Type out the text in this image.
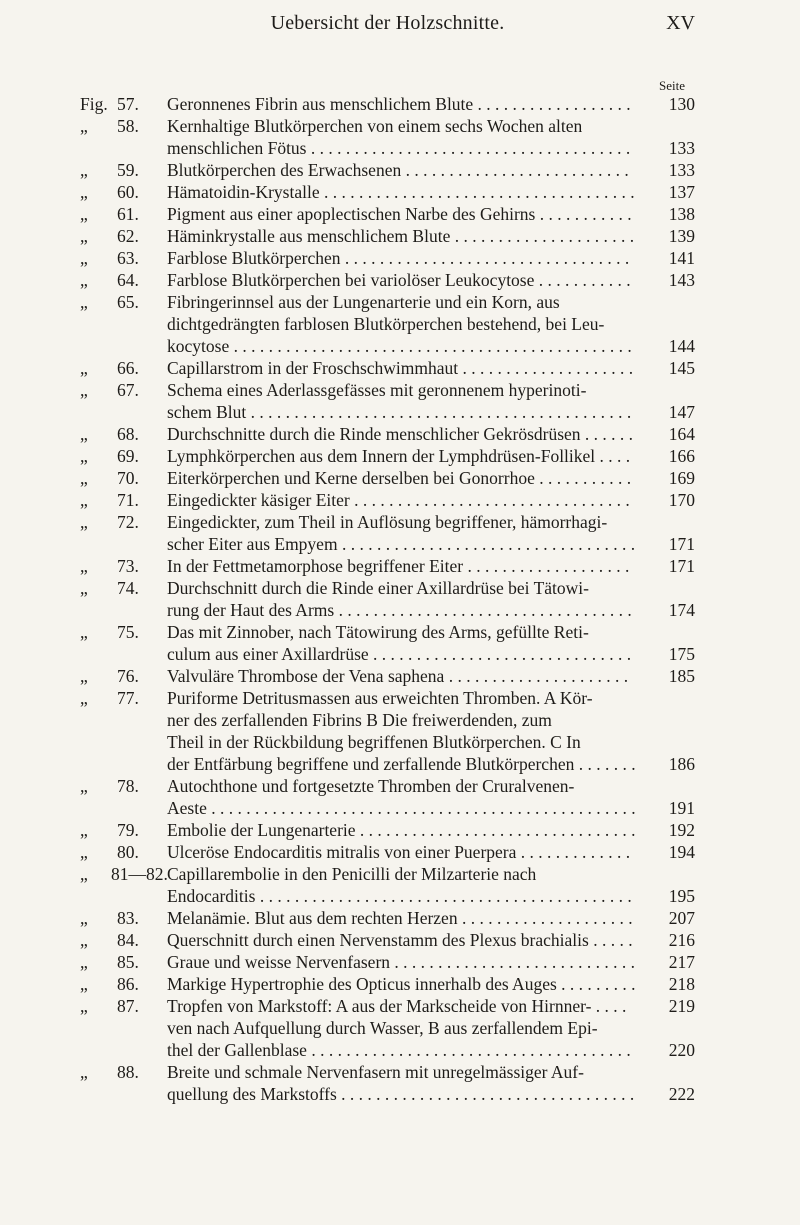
Uebersicht der Holzschnitte.	XV
Seite
Fig. 57. Geronnenes Fibrin aus menschlichem Blute . . . . . . . . . . . . . . . . . .	130
„	58. Kernhaltige Blutkörperchen von einem sechs Wochen alten
menschlichen Fötus . . . . . . . . . . . . . . . . . . . . . . . . . . . . . . . . . . . . .	133
„	59. Blutkörperchen des Erwachsenen . . . . . . . . . . . . . . . . . . . . . . . . . .	133
„	60. Hämatoidin-Krystalle . . . . . . . . . . . . . . . . . . . . . . . . . . . . . . . . . . . .	137
„	61. Pigment aus einer apoplectischen Narbe des Gehirns . . . . . . . . . . .	138
„	62. Häminkrystalle aus menschlichem Blute . . . . . . . . . . . . . . . . . . . . .	139
„	63. Farblose Blutkörperchen . . . . . . . . . . . . . . . . . . . . . . . . . . . . . . . . .	141
„	64. Farblose Blutkörperchen bei variolöser Leukocytose . . . . . . . . . . .	143
„	65. Fibringerinnsel aus der Lungenarterie und ein Korn, aus
dichtgedrängten farblosen Blutkörperchen bestehend, bei Leu-
kocytose . . . . . . . . . . . . . . . . . . . . . . . . . . . . . . . . . . . . . . . . . . . . . .	144
„	66. Capillarstrom in der Froschschwimmhaut . . . . . . . . . . . . . . . . . . . .	145
„	67. Schema eines Aderlassgefässes mit geronnenem hyperinoti-
schem Blut . . . . . . . . . . . . . . . . . . . . . . . . . . . . . . . . . . . . . . . . . . . .	147
„	68. Durchschnitte durch die Rinde menschlicher Gekrösdrüsen . . . . . .	164
„	69. Lymphkörperchen aus dem Innern der Lymphdrüsen-Follikel . . . .	166
„	70. Eiterkörperchen und Kerne derselben bei Gonorrhoe . . . . . . . . . . .	169
„	71. Eingedickter käsiger Eiter . . . . . . . . . . . . . . . . . . . . . . . . . . . . . . . .	170
„	72. Eingedickter, zum Theil in Auflösung begriffener, hämorrhagi-
scher Eiter aus Empyem . . . . . . . . . . . . . . . . . . . . . . . . . . . . . . . . . .	171
„	73. In der Fettmetamorphose begriffener Eiter . . . . . . . . . . . . . . . . . . .	171
„	74. Durchschnitt durch die Rinde einer Axillardrüse bei Tätowi-
rung der Haut des Arms . . . . . . . . . . . . . . . . . . . . . . . . . . . . . . . . . .	174
„	75. Das mit Zinnober, nach Tätowirung des Arms, gefüllte Reti-
culum aus einer Axillardrüse . . . . . . . . . . . . . . . . . . . . . . . . . . . . . .	175
„	76. Valvuläre Thrombose der Vena saphena . . . . . . . . . . . . . . . . . . . . .	185
„	77. Puriforme Detritusmassen aus erweichten Thromben. A Kör-
ner des zerfallenden Fibrins B Die freiwerdenden, zum
Theil in der Rückbildung begriffenen Blutkörperchen. C In
der Entfärbung begriffene und zerfallende Blutkörperchen . . . . . . .	186
„	78. Autochthone und fortgesetzte Thromben der Cruralvenen-
Aeste . . . . . . . . . . . . . . . . . . . . . . . . . . . . . . . . . . . . . . . . . . . . . . . . .	191
„	79. Embolie der Lungenarterie . . . . . . . . . . . . . . . . . . . . . . . . . . . . . . . .	192
„	80. Ulceröse Endocarditis mitralis von einer Puerpera . . . . . . . . . . . . .	194
„	81—82. Capillarembolie in den Penicilli der Milzarterie nach
Endocarditis . . . . . . . . . . . . . . . . . . . . . . . . . . . . . . . . . . . . . . . . . . .	195
„	83. Melanämie. Blut aus dem rechten Herzen . . . . . . . . . . . . . . . . . . . .	207
„	84. Querschnitt durch einen Nervenstamm des Plexus brachialis . . . . .	216
„	85. Graue und weisse Nervenfasern . . . . . . . . . . . . . . . . . . . . . . . . . . . .	217
„	86. Markige Hypertrophie des Opticus innerhalb des Auges . . . . . . . . .	218
„	87. Tropfen von Markstoff: A aus der Markscheide von Hirnner- . . . .	219
ven nach Aufquellung durch Wasser, B aus zerfallendem Epi-
thel der Gallenblase . . . . . . . . . . . . . . . . . . . . . . . . . . . . . . . . . . . . .	220
„	88. Breite und schmale Nervenfasern mit unregelmässiger Auf-
quellung des Markstoffs . . . . . . . . . . . . . . . . . . . . . . . . . . . . . . . . . .	222
